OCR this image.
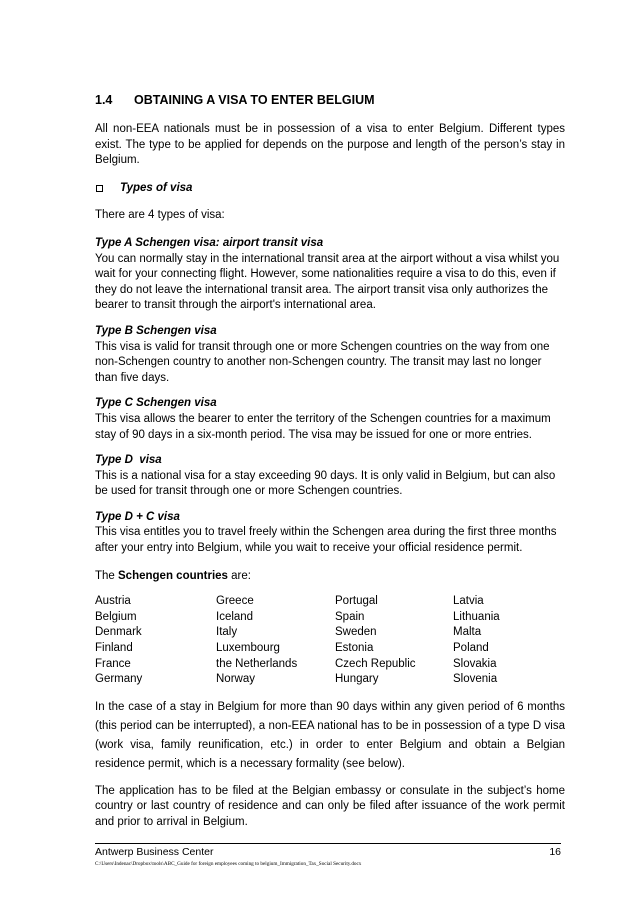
1.4 OBTAINING A VISA TO ENTER BELGIUM

All non-EEA nationals must be in possession of a visa to enter Belgium. Different types exist. The type to be applied for depends on the purpose and length of the person’s stay in Belgium.

Types of visa

There are 4 types of visa:

Type A Schengen visa: airport transit visa

You can normally stay in the international transit area at the airport without a visa whilst you wait for your connecting flight. However, some nationalities require a visa to do this, even if they do not leave the international transit area. The airport transit visa only authorizes the bearer to transit through the airport's international area.

Type B Schengen visa

This visa is valid for transit through one or more Schengen countries on the way from one non-Schengen country to another non-Schengen country. The transit may last no longer than five days.

Type C Schengen visa

This visa allows the bearer to enter the territory of the Schengen countries for a maximum stay of 90 days in a six-month period. The visa may be issued for one or more entries.

Type D  visa

This is a national visa for a stay exceeding 90 days. It is only valid in Belgium, but can also be used for transit through one or more Schengen countries.

Type D + C visa

This visa entitles you to travel freely within the Schengen area during the first three months after your entry into Belgium, while you wait to receive your official residence permit.

The Schengen countries are:

Austria
Belgium
Denmark
Finland
France
Germany
Greece
Iceland
Italy
Luxembourg
the Netherlands
Norway
Portugal
Spain
Sweden
Estonia
Czech Republic
Hungary
Latvia
Lithuania
Malta
Poland
Slovakia
Slovenia

In the case of a stay in Belgium for more than 90 days within any given period of 6 months (this period can be interrupted), a non-EEA national has to be in possession of a type D visa (work visa, family reunification, etc.) in order to enter Belgium and obtain a Belgian residence permit, which is a necessary formality (see below).

The application has to be filed at the Belgian embassy or consulate in the subject’s home country or last country of residence and can only be filed after issuance of the work permit and prior to arrival in Belgium.

Antwerp Business Center	16
C:\Users\Indenac\Dropbox\tools\ABC_Guide for foreign employees coming to belgium_Immigration_Tax_Social Security.docx
